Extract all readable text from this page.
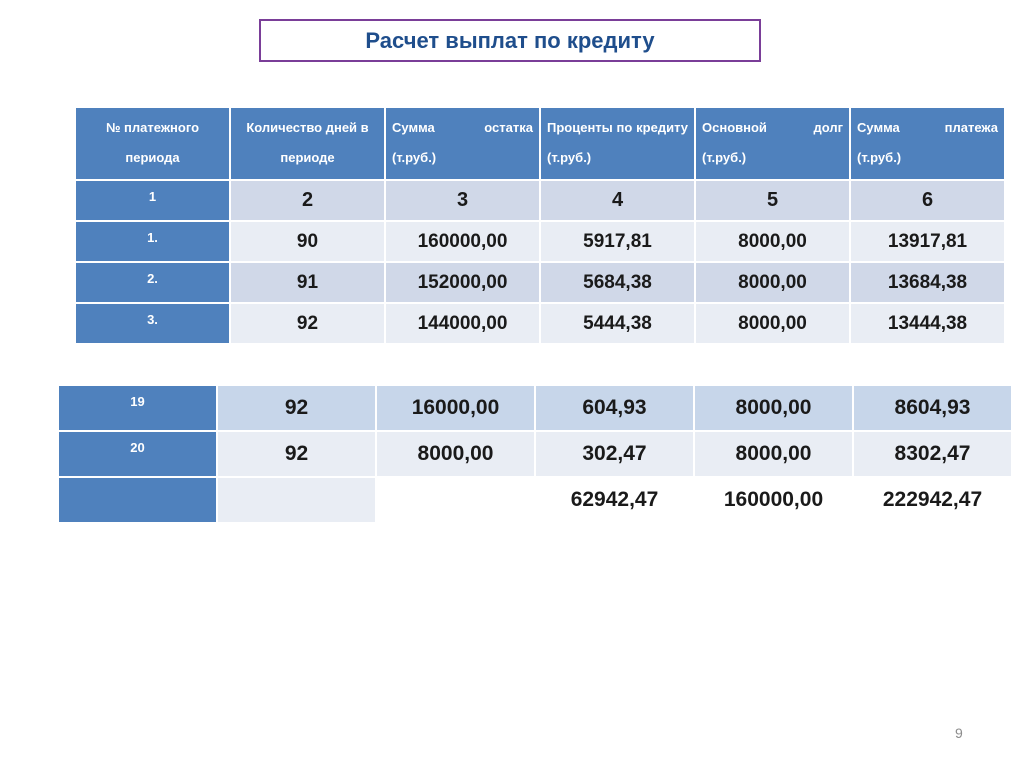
Расчет выплат по кредиту
№ платежного периода	Количество дней в периоде	Сумма остатка (т.руб.)	Проценты по кредиту (т.руб.)	Основной долг (т.руб.)	Сумма платежа (т.руб.)
1	2	3	4	5	6
1.	90	160000,00	5917,81	8000,00	13917,81
2.	91	152000,00	5684,38	8000,00	13684,38
3.	92	144000,00	5444,38	8000,00	13444,38
19	92	16000,00	604,93	8000,00	8604,93
20	92	8000,00	302,47	8000,00	8302,47
			62942,47	160000,00	222942,47
9
